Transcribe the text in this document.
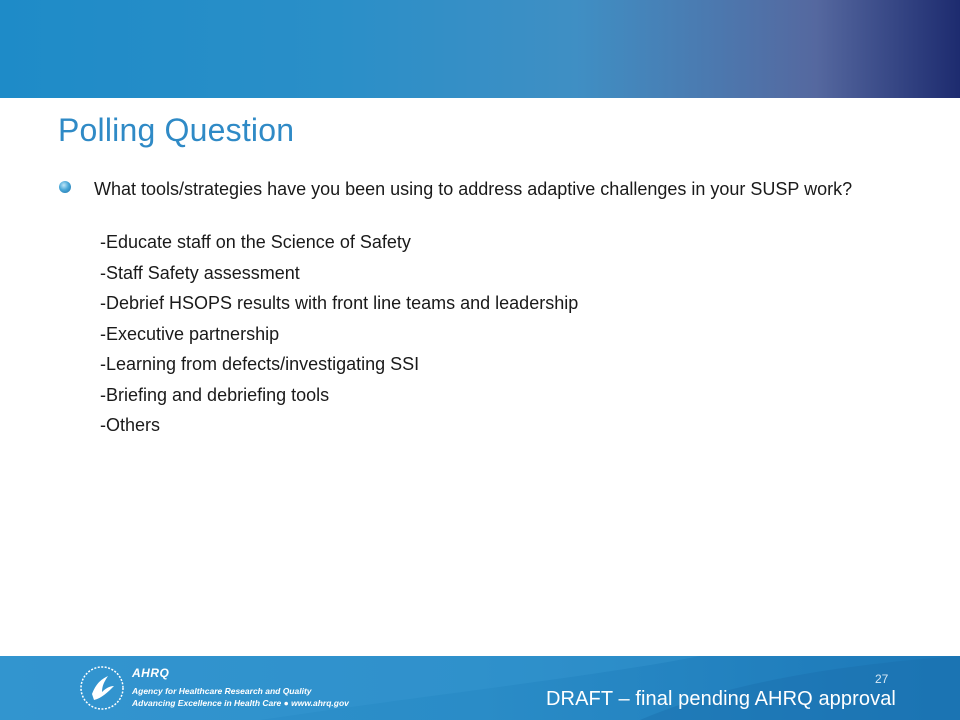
Polling Question
What tools/strategies have you been using to address adaptive challenges in your SUSP work?
-Educate staff on the Science of Safety
-Staff Safety assessment
-Debrief HSOPS results with front line teams and leadership
-Executive partnership
-Learning from defects/investigating SSI
-Briefing and debriefing tools
-Others
AHRQ
Agency for Healthcare Research and Quality
Advancing Excellence in Health Care ● www.ahrq.gov
27
DRAFT – final pending AHRQ approval
